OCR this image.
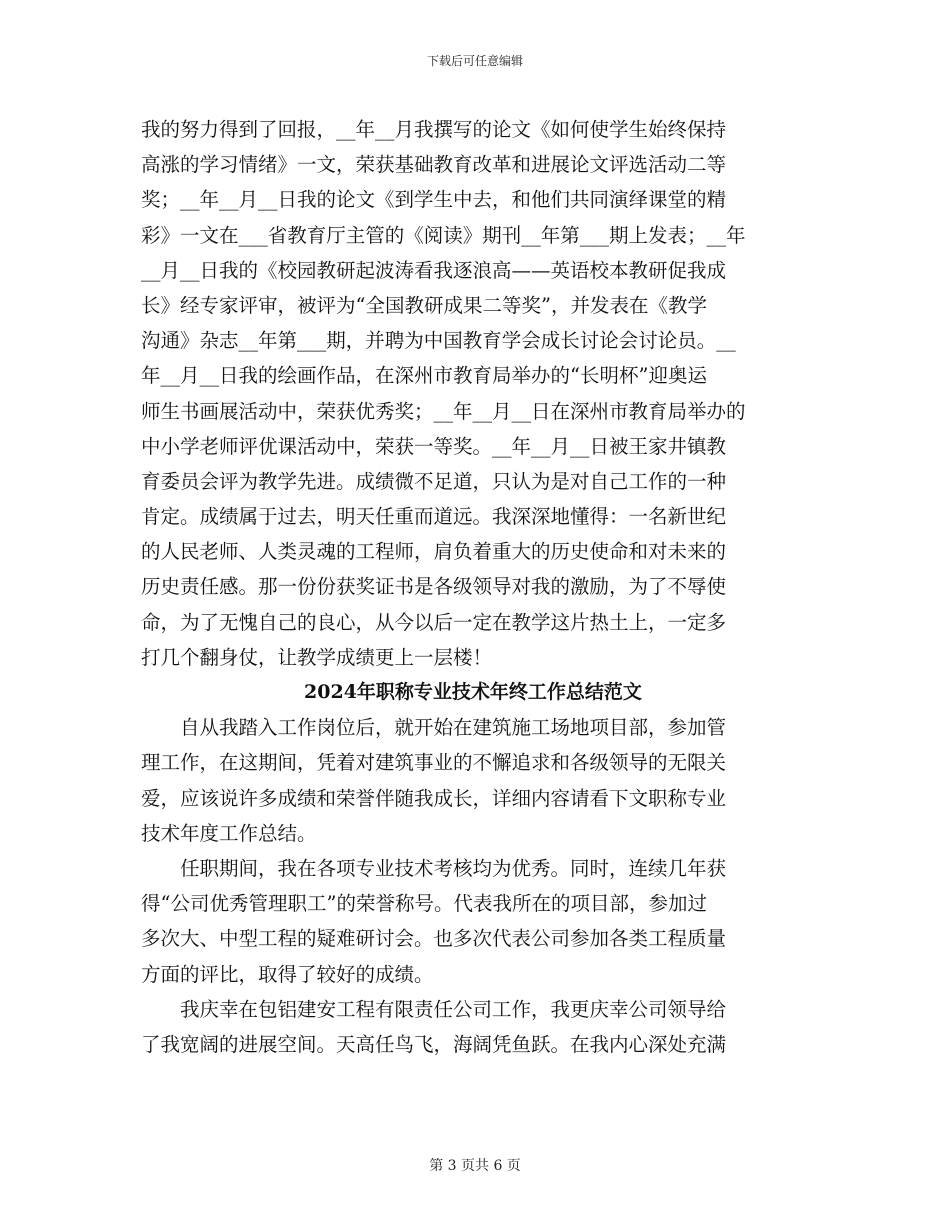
下载后可任意编辑
我的努力得到了回报，__年__月我撰写的论文《如何使学生始终保持
高涨的学习情绪》一文，荣获基础教育改革和进展论文评选活动二等
奖；__年__月__日我的论文《到学生中去，和他们共同演绎课堂的精
彩》一文在___省教育厅主管的《阅读》期刊__年第___期上发表；__年
__月__日我的《校园教研起波涛看我逐浪高——英语校本教研促我成
长》经专家评审，被评为“全国教研成果二等奖”，并发表在《教学
沟通》杂志__年第___期，并聘为中国教育学会成长讨论会讨论员。__
年__月__日我的绘画作品，在深州市教育局举办的“长明杯”迎奥运
师生书画展活动中，荣获优秀奖；__年__月__日在深州市教育局举办的
中小学老师评优课活动中，荣获一等奖。__年__月__日被王家井镇教
育委员会评为教学先进。成绩微不足道，只认为是对自己工作的一种
肯定。成绩属于过去，明天任重而道远。我深深地懂得：一名新世纪
的人民老师、人类灵魂的工程师，肩负着重大的历史使命和对未来的
历史责任感。那一份份获奖证书是各级领导对我的激励，为了不辱使
命，为了无愧自己的良心，从今以后一定在教学这片热土上，一定多
打几个翻身仗，让教学成绩更上一层楼！
2024年职称专业技术年终工作总结范文
　　自从我踏入工作岗位后，就开始在建筑施工场地项目部，参加管
理工作，在这期间，凭着对建筑事业的不懈追求和各级领导的无限关
爱，应该说许多成绩和荣誉伴随我成长，详细内容请看下文职称专业
技术年度工作总结。
　　任职期间，我在各项专业技术考核均为优秀。同时，连续几年获
得“公司优秀管理职工”的荣誉称号。代表我所在的项目部，参加过
多次大、中型工程的疑难研讨会。也多次代表公司参加各类工程质量
方面的评比，取得了较好的成绩。
　　我庆幸在包铝建安工程有限责任公司工作，我更庆幸公司领导给
了我宽阔的进展空间。天高任鸟飞，海阔凭鱼跃。在我内心深处充满
第 3 页共 6 页
